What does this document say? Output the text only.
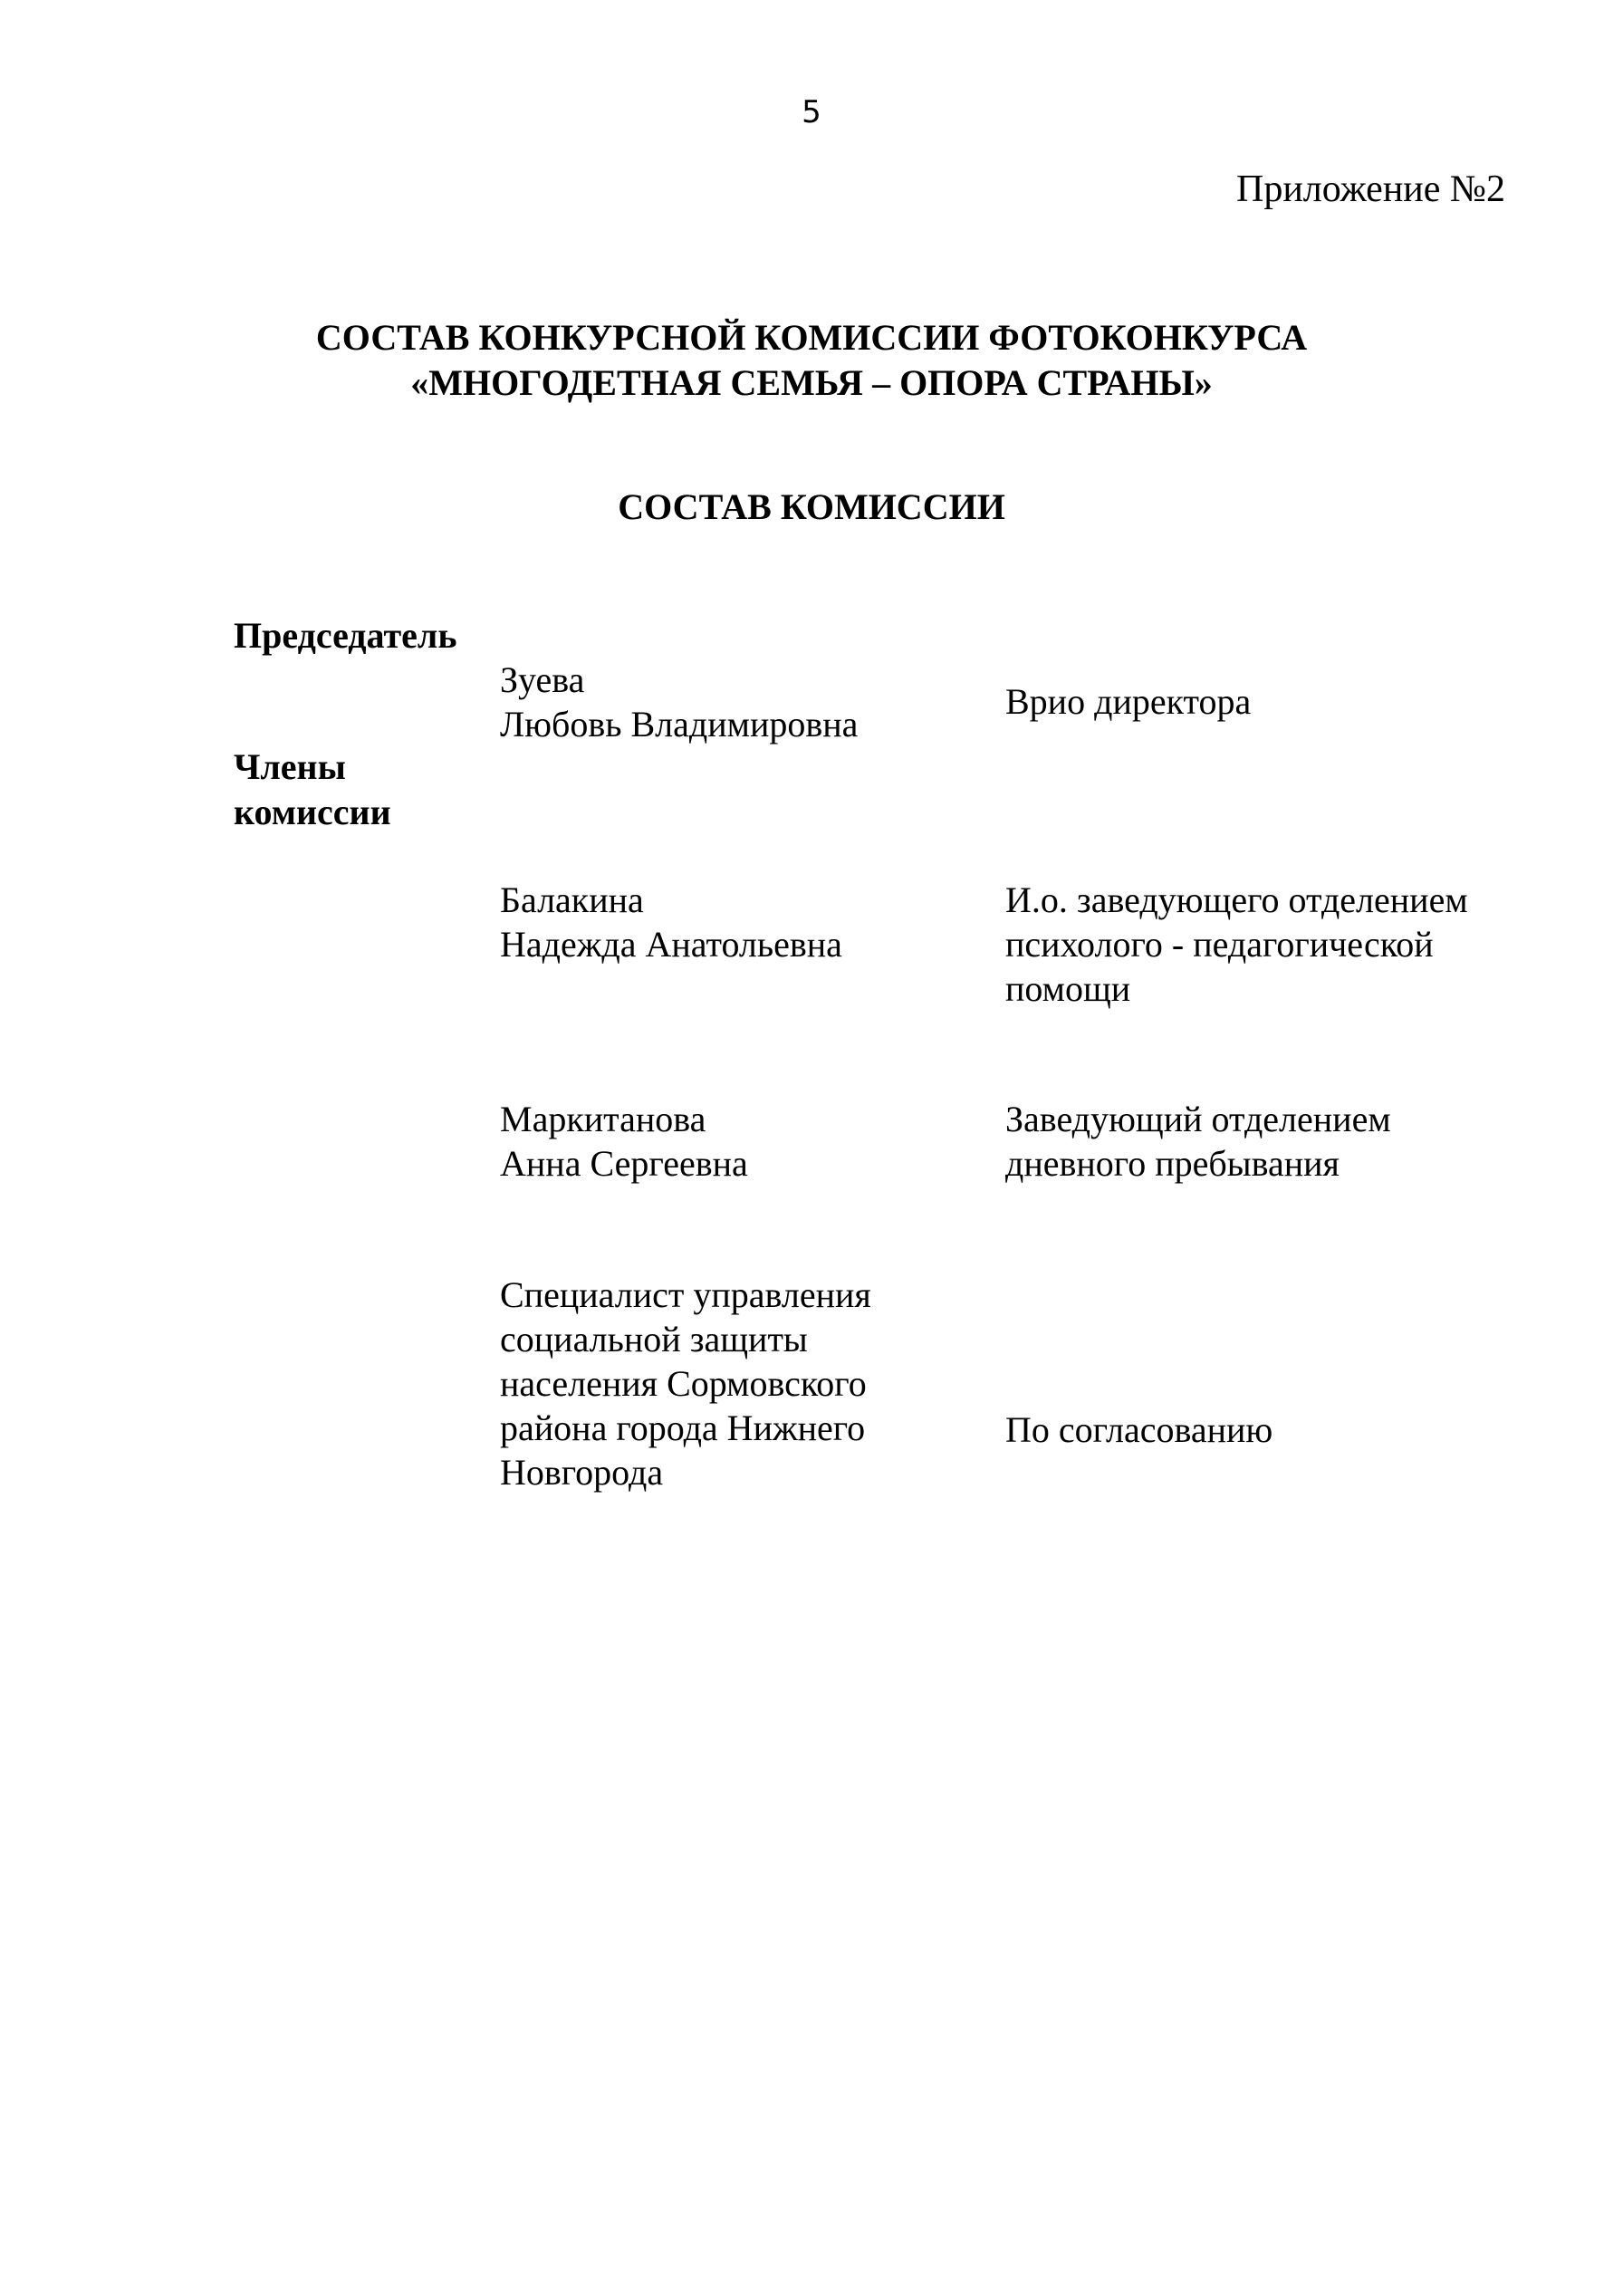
5
Приложение №2
СОСТАВ КОНКУРСНОЙ КОМИССИИ ФОТОКОНКУРСА
«МНОГОДЕТНАЯ СЕМЬЯ – ОПОРА СТРАНЫ»
СОСТАВ КОМИССИИ
Председатель
Члены
комиссии
Зуева
Любовь Владимировна
Врио директора
Балакина
Надежда Анатольевна
И.о. заведующего отделением
психолого - педагогической
помощи
Маркитанова
Анна Сергеевна
Заведующий отделением
дневного пребывания
Специалист управления
социальной защиты
населения Сормовского
района города Нижнего
Новгорода
По согласованию
